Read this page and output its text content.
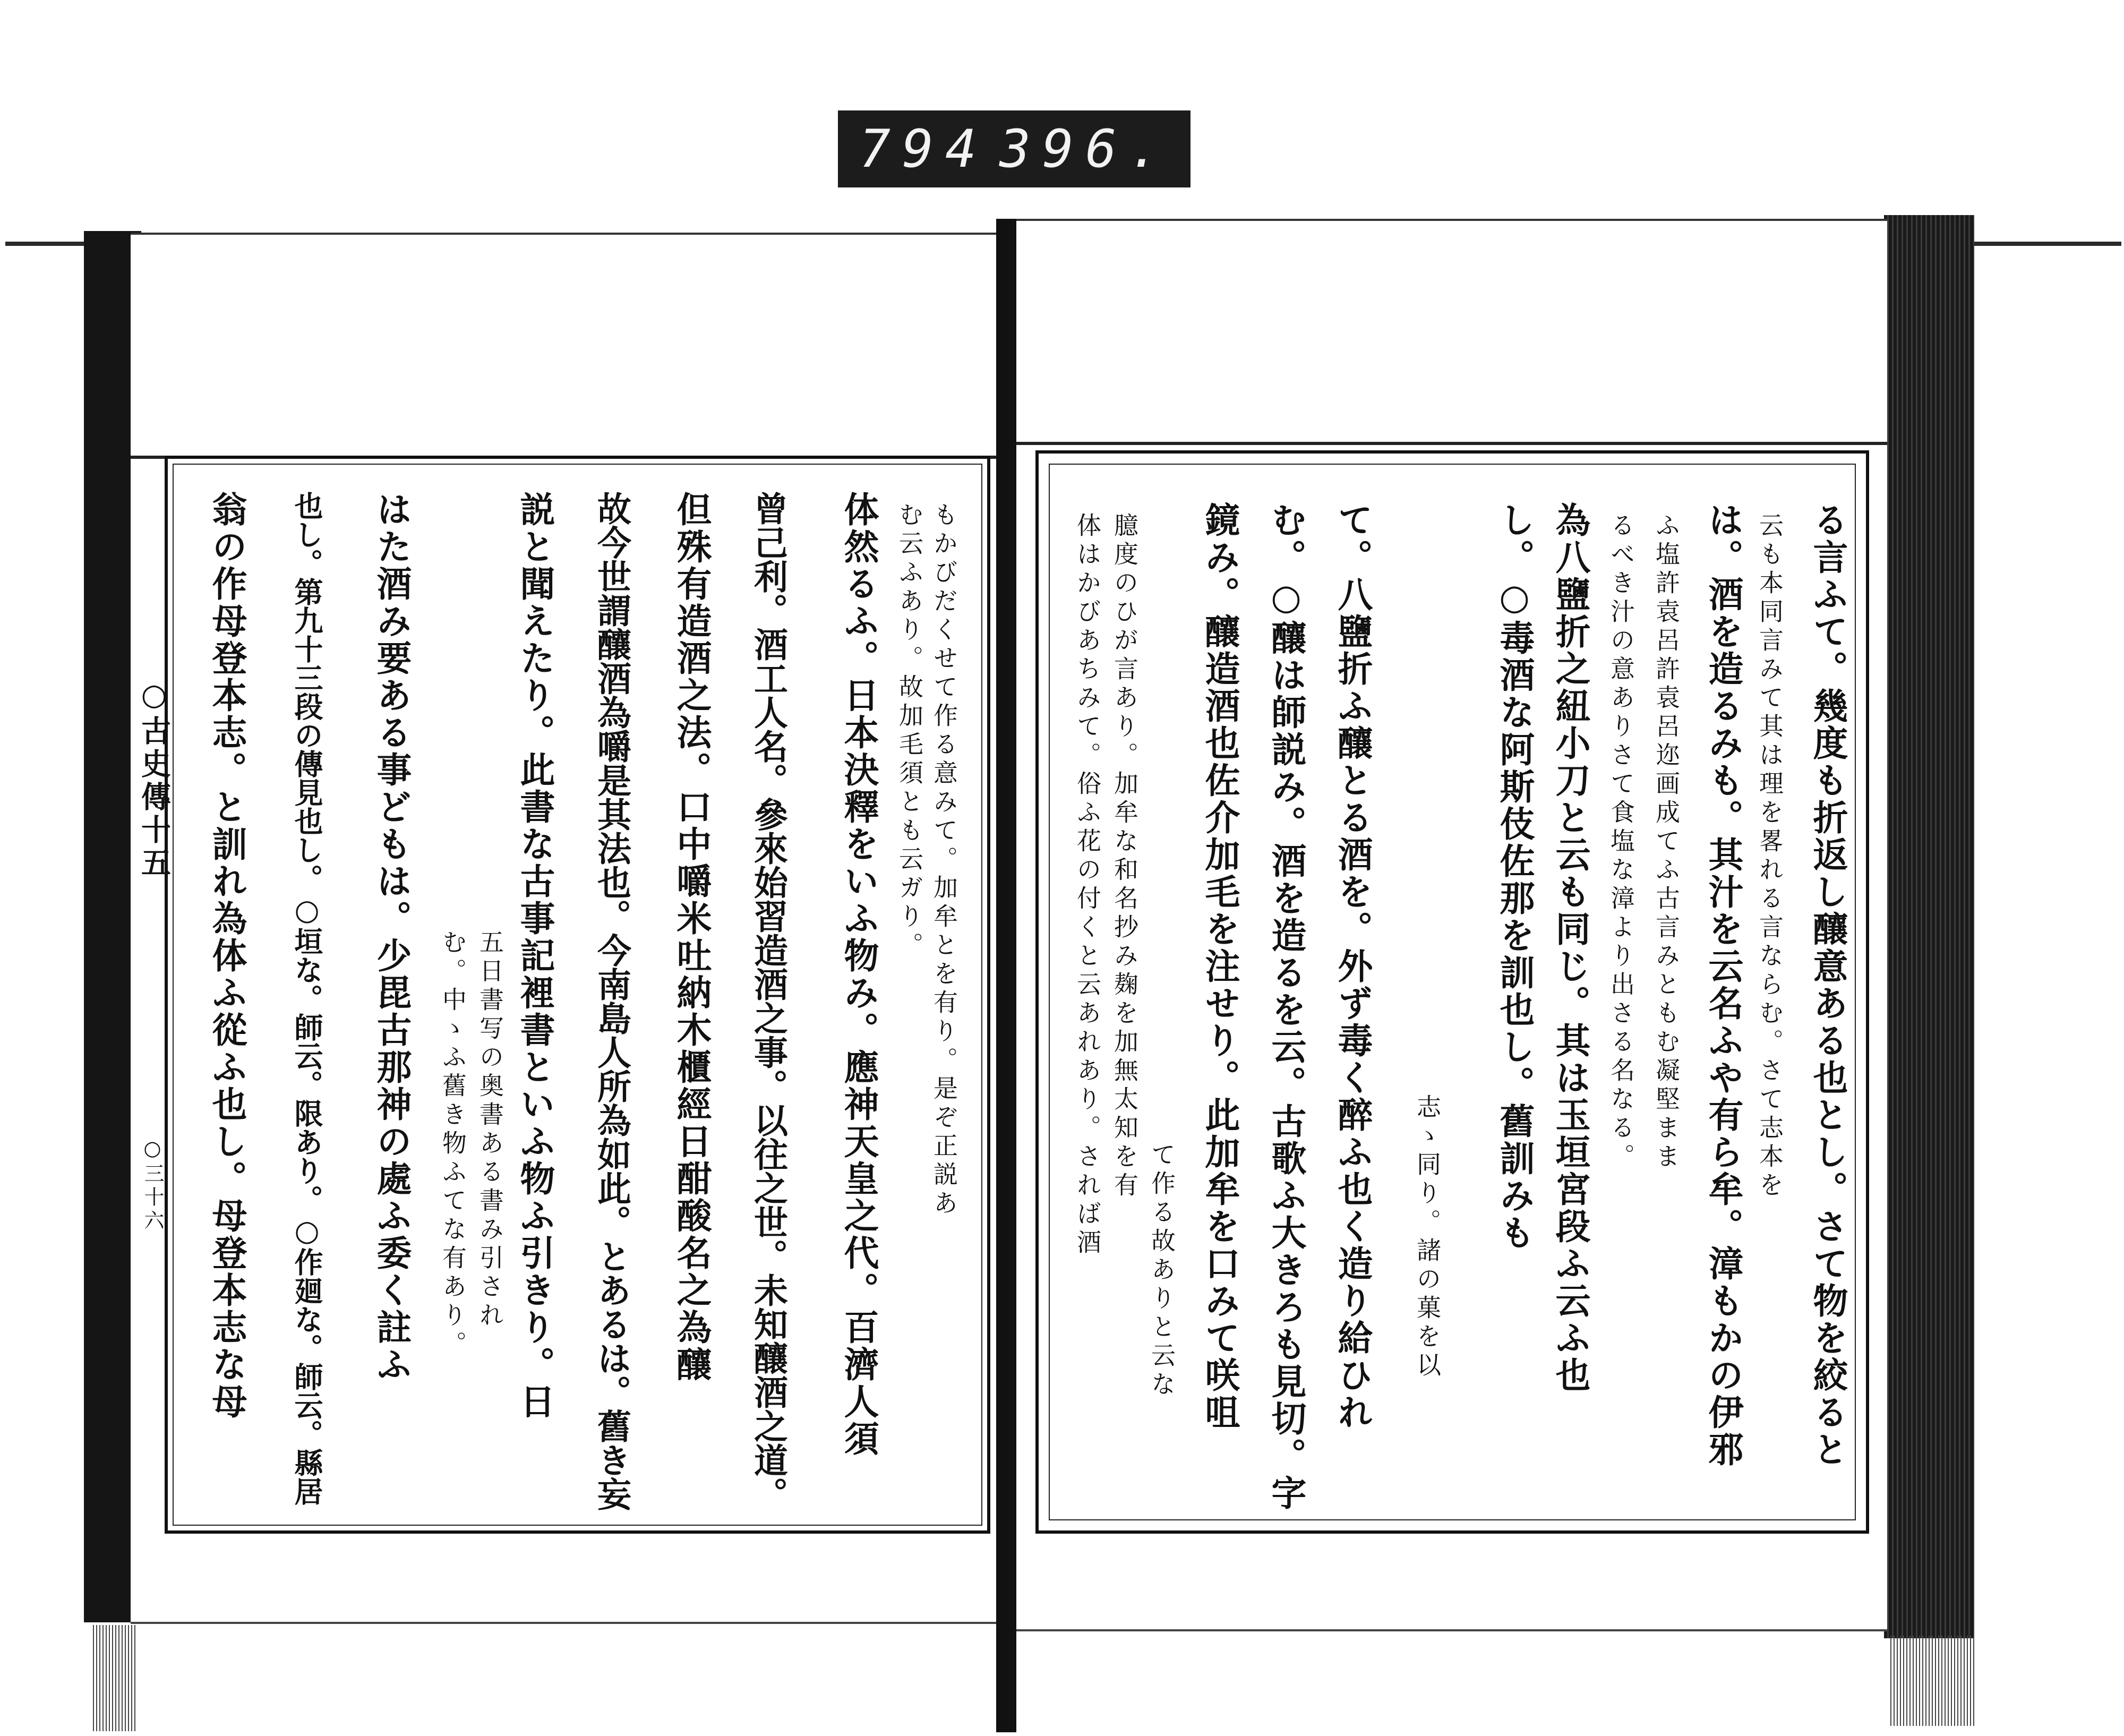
794 396.
○古史傳十五
○三十六	る言ふて。幾度も折返し釀意ある也とし。さて物を絞ると
云も本同言みて其は理を畧れる言ならむ。さて志本を
は。酒を造るみも。其汁を云名ふや有ら牟。漳もかの伊邪
ふ塩許袁呂許袁呂迩画成てふ古言みともむ凝堅まま
るべき汁の意ありさて食塩な漳より出さる名なる。
為八鹽折之紐小刀と云も同じ。其は玉垣宮段ふ云ふ也
し。○毒酒な阿斯伎佐那を訓也し。舊訓みも
志ゝ同り。諸の菓を以
て。八鹽折ふ釀とる酒を。外ず毒く醉ふ也く造り給ひれ
む。○釀は師説み。酒を造るを云。古歌ふ大きろも見切。字
鏡み。釀造酒也佐介加毛を注せり。此加牟を口みて咲咀
て作る故ありと云な
臆度のひが言あり。加牟な和名抄み麹を加無太知を有
体はかびあちみて。俗ふ花の付くと云あれあり。されば酒
もかびだくせて作る意みて。加牟とを有り。是ぞ正説あ
む云ふあり。故加毛須とも云ガり。
体然るふ。日本決釋をいふ物み。應神天皇之代。百濟人須
曾己利。酒工人名。參來始習造酒之事。以往之世。未知釀酒之道。
但殊有造酒之法。口中嚼米吐納木櫃經日酣酸名之為釀
故今世謂釀酒為嚼是其法也。今南島人所為如此。とあるは。舊き妄
説と聞えたり。此書な古事記裡書といふ物ふ引きり。日
五日書写の奥書ある書み引され
む。中ゝふ舊き物ふてな有あり。
はた酒み要ある事どもは。少毘古那神の處ふ委く註ふ
也し。第九十三段の傳見也し。○垣な。師云。限あり。○作廻な。師云。縣居
翁の作母登本志。と訓れ為体ふ從ふ也し。母登本志な母
